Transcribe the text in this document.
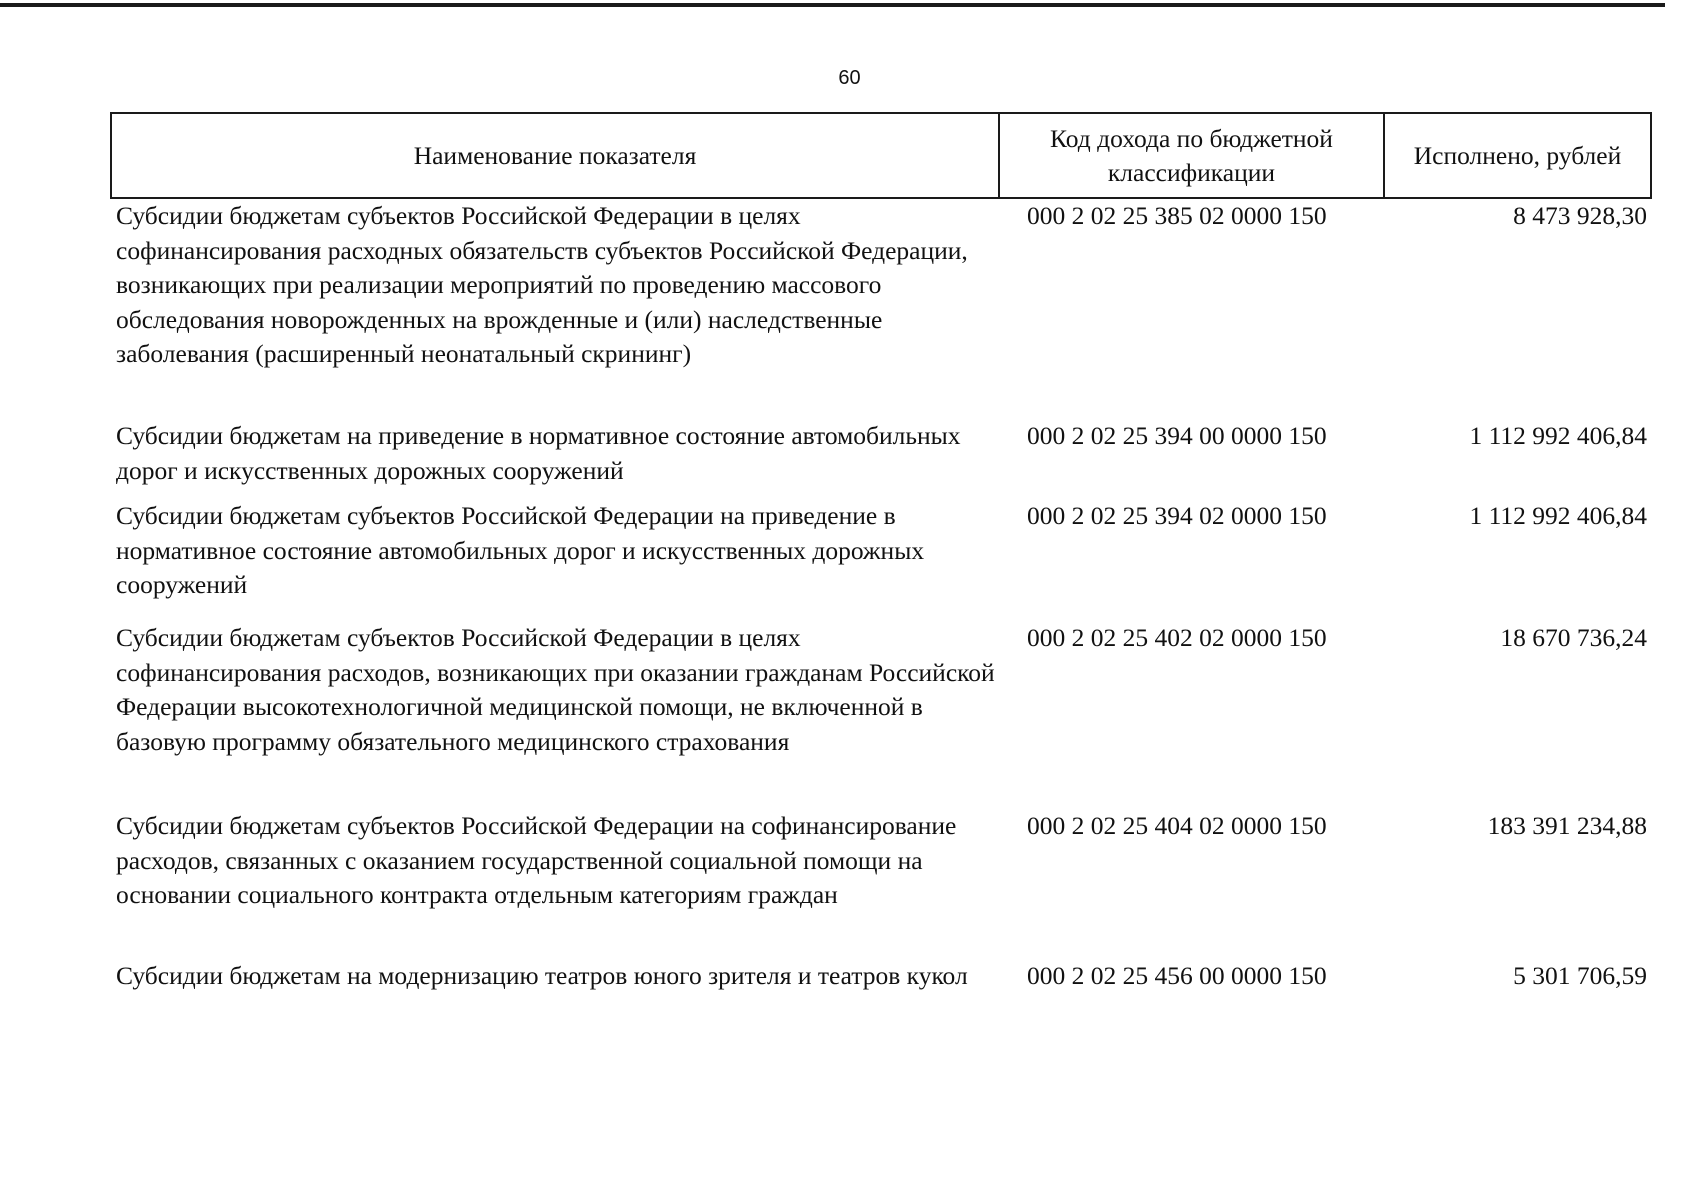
60
Наименование показателя	Код дохода по бюджетной классификации	Исполнено, рублей
Субсидии бюджетам субъектов Российской Федерации в целях софинансирования расходных обязательств субъектов Российской Федерации, возникающих при реализации мероприятий по проведению массового обследования новорожденных на врожденные и (или) наследственные заболевания (расширенный неонатальный скрининг)	000 2 02 25 385 02 0000 150	8 473 928,30
Субсидии бюджетам на приведение в нормативное состояние автомобильных дорог и искусственных дорожных сооружений	000 2 02 25 394 00 0000 150	1 112 992 406,84
Субсидии бюджетам субъектов Российской Федерации на приведение в нормативное состояние автомобильных дорог и искусственных дорожных сооружений	000 2 02 25 394 02 0000 150	1 112 992 406,84
Субсидии бюджетам субъектов Российской Федерации в целях софинансирования расходов, возникающих при оказании гражданам Российской Федерации высокотехнологичной медицинской помощи, не включенной в базовую программу обязательного медицинского страхования	000 2 02 25 402 02 0000 150	18 670 736,24
Субсидии бюджетам субъектов Российской Федерации на софинансирование расходов, связанных с оказанием государственной социальной помощи на основании социального контракта отдельным категориям граждан	000 2 02 25 404 02 0000 150	183 391 234,88
Субсидии бюджетам на модернизацию театров юного зрителя и театров кукол	000 2 02 25 456 00 0000 150	5 301 706,59
